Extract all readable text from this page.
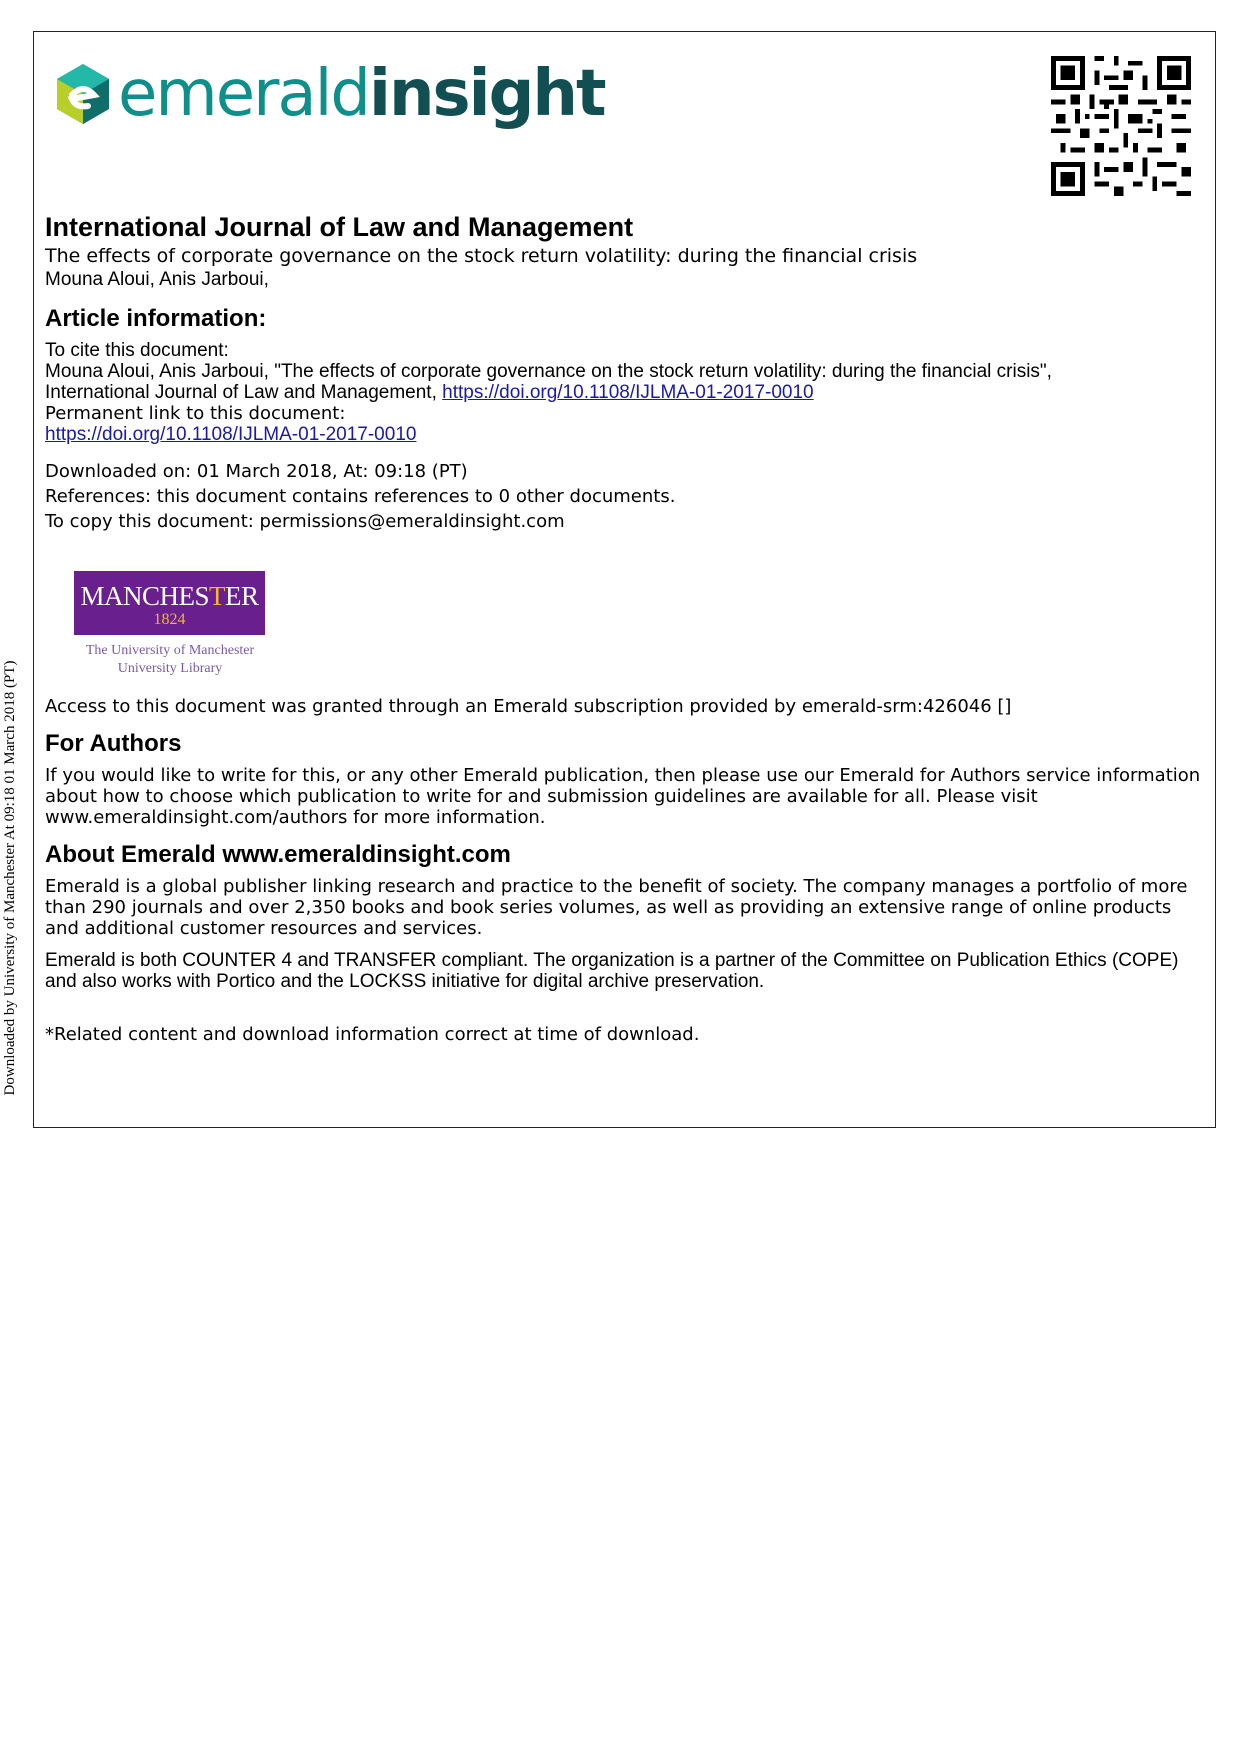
Downloaded by University of Manchester At 09:18 01 March 2018 (PT)
emeraldinsight
International Journal of Law and Management

The effects of corporate governance on the stock return volatility: during the financial crisis

Mouna Aloui, Anis Jarboui,

Article information:

To cite this document:

Mouna Aloui, Anis Jarboui, "The effects of corporate governance on the stock return volatility: during the financial crisis",

International Journal of Law and Management, https://doi.org/10.1108/IJLMA-01-2017-0010

Permanent link to this document:

https://doi.org/10.1108/IJLMA-01-2017-0010

Downloaded on: 01 March 2018, At: 09:18 (PT)

References: this document contains references to 0 other documents.

To copy this document: permissions@emeraldinsight.com

MANCHESTER
1824
The University of Manchester
University Library

Access to this document was granted through an Emerald subscription provided by emerald-srm:426046 []

For Authors

If you would like to write for this, or any other Emerald publication, then please use our Emerald for Authors service information about how to choose which publication to write for and submission guidelines are available for all. Please visit www.emeraldinsight.com/authors for more information.

About Emerald www.emeraldinsight.com

Emerald is a global publisher linking research and practice to the benefit of society. The company manages a portfolio of more than 290 journals and over 2,350 books and book series volumes, as well as providing an extensive range of online products and additional customer resources and services.

Emerald is both COUNTER 4 and TRANSFER compliant. The organization is a partner of the Committee on Publication Ethics (COPE) and also works with Portico and the LOCKSS initiative for digital archive preservation.

*Related content and download information correct at time of download.
